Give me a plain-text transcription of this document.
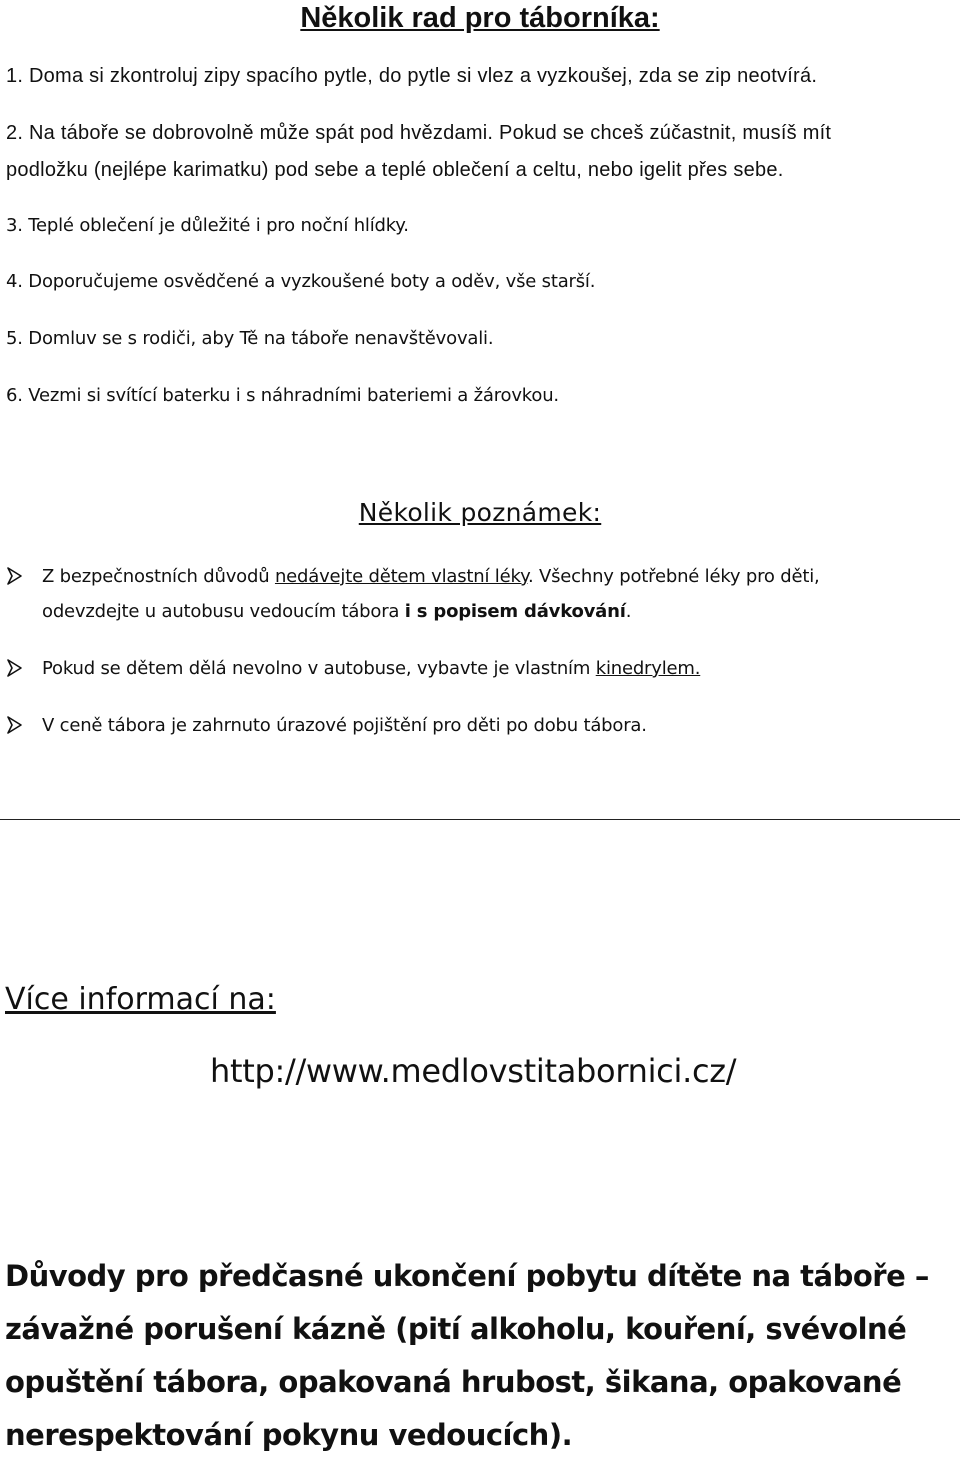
Několik rad pro táborníka:
1. Doma si zkontroluj zipy spacího pytle, do pytle si vlez a vyzkoušej, zda se zip neotvírá.
2. Na táboře se dobrovolně může spát pod hvězdami. Pokud se chceš zúčastnit, musíš mít
podložku (nejlépe karimatku) pod sebe a teplé oblečení a celtu, nebo igelit přes sebe.
3. Teplé oblečení je důležité i pro noční hlídky.
4. Doporučujeme osvědčené a vyzkoušené boty a oděv, vše starší.
5. Domluv se s rodiči, aby Tě na táboře nenavštěvovali.
6. Vezmi si svítící baterku i s náhradními bateriemi a žárovkou.
Několik poznámek:
Z bezpečnostních důvodů nedávejte dětem vlastní léky. Všechny potřebné léky pro děti,
odevzdejte u autobusu vedoucím tábora i s popisem dávkování.
Pokud se dětem dělá nevolno v autobuse, vybavte je vlastním kinedrylem.
V ceně tábora je zahrnuto úrazové pojištění pro děti po dobu tábora.
Více informací na:
http://www.medlovstitabornici.cz/
Důvody pro předčasné ukončení pobytu dítěte na táboře –
závažné porušení kázně (pití alkoholu, kouření, svévolné
opuštění tábora, opakovaná hrubost, šikana, opakované
nerespektování pokynu vedoucích).
